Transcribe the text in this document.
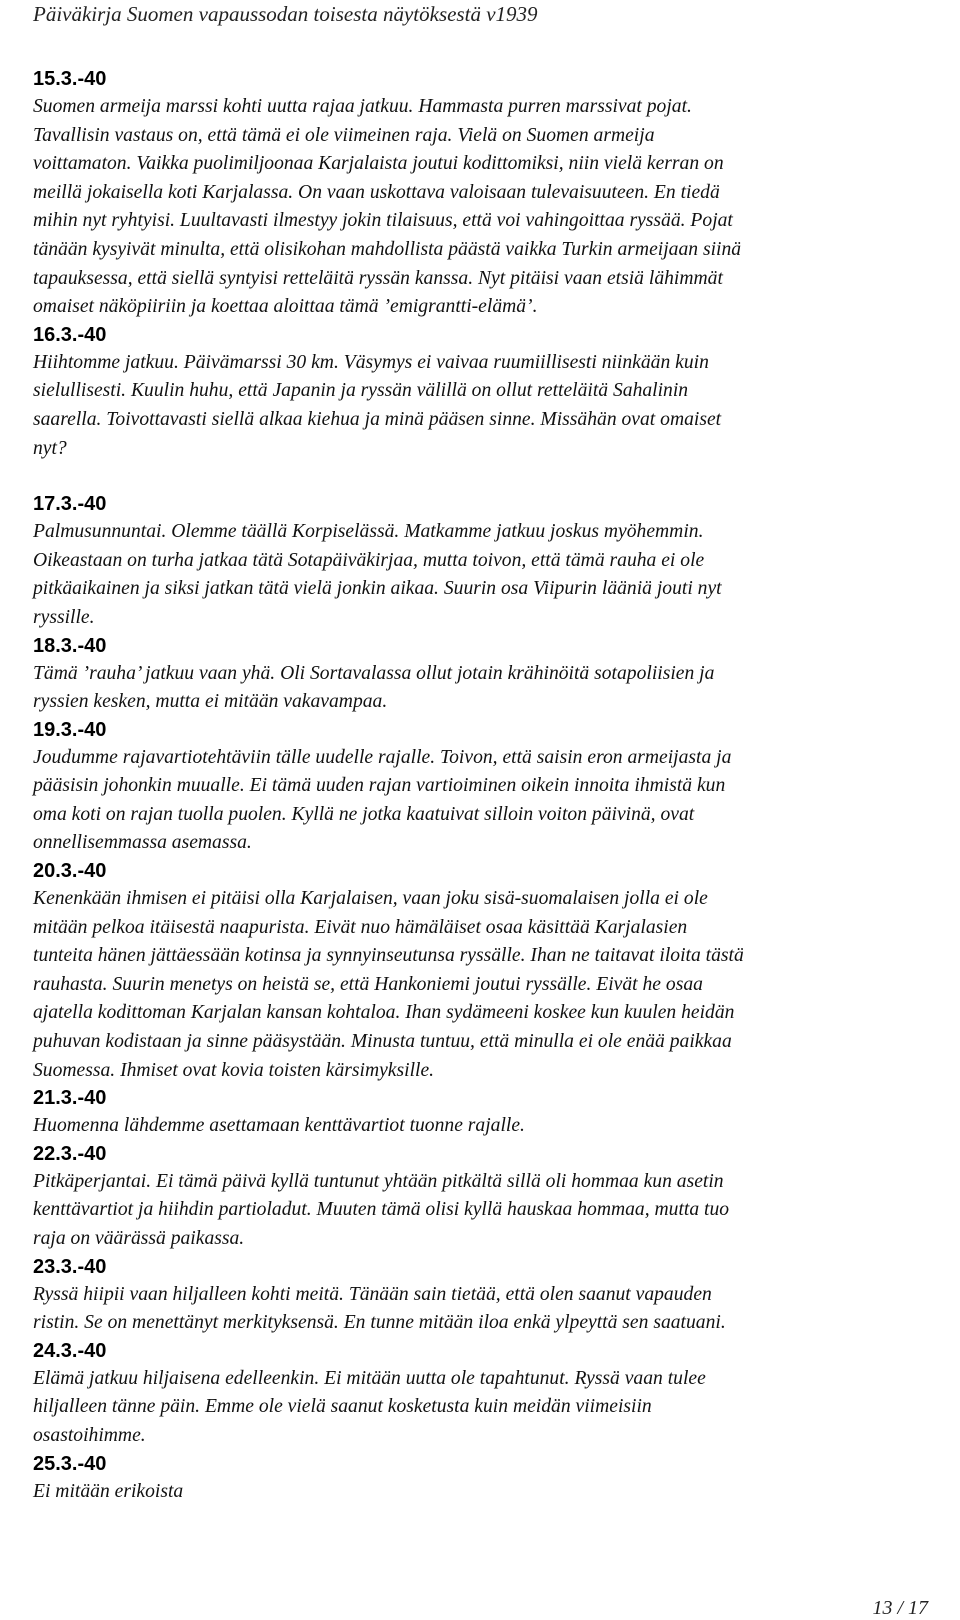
Päiväkirja Suomen vapaussodan toisesta näytöksestä v1939
15.3.-40
Suomen armeija marssi kohti uutta rajaa jatkuu. Hammasta purren marssivat pojat.
Tavallisin vastaus on, että tämä ei ole viimeinen raja. Vielä on Suomen armeija
voittamaton. Vaikka puolimiljoonaa Karjalaista joutui kodittomiksi, niin vielä kerran on
meillä jokaisella koti Karjalassa. On vaan uskottava valoisaan tulevaisuuteen. En tiedä
mihin nyt ryhtyisi. Luultavasti ilmestyy jokin tilaisuus, että voi vahingoittaa ryssää. Pojat
tänään kysyivät minulta, että olisikohan mahdollista päästä vaikka Turkin armeijaan siinä
tapauksessa, että siellä syntyisi retteläitä ryssän kanssa. Nyt pitäisi vaan etsiä lähimmät
omaiset näköpiiriin ja koettaa aloittaa tämä ’emigrantti-elämä’.
16.3.-40
Hiihtomme jatkuu. Päivämarssi 30 km. Väsymys ei vaivaa ruumiillisesti niinkään kuin
sielullisesti. Kuulin huhu, että Japanin ja ryssän välillä on ollut retteläitä Sahalinin
saarella. Toivottavasti siellä alkaa kiehua ja minä pääsen sinne. Missähän ovat omaiset
nyt?
17.3.-40
Palmusunnuntai. Olemme täällä Korpiselässä. Matkamme jatkuu joskus myöhemmin.
Oikeastaan on turha jatkaa tätä Sotapäiväkirjaa, mutta toivon, että tämä rauha ei ole
pitkäaikainen ja siksi jatkan tätä vielä jonkin aikaa. Suurin osa Viipurin lääniä jouti nyt
ryssille.
18.3.-40
Tämä ’rauha’ jatkuu vaan yhä. Oli Sortavalassa ollut jotain krähinöitä sotapoliisien ja
ryssien kesken, mutta ei mitään vakavampaa.
19.3.-40
Joudumme rajavartiotehtäviin tälle uudelle rajalle. Toivon, että saisin eron armeijasta ja
pääsisin johonkin muualle. Ei tämä uuden rajan vartioiminen oikein innoita ihmistä kun
oma koti on rajan tuolla puolen. Kyllä ne jotka kaatuivat silloin voiton päivinä, ovat
onnellisemmassa asemassa.
20.3.-40
Kenenkään ihmisen ei pitäisi olla Karjalaisen, vaan joku sisä-suomalaisen jolla ei ole
mitään pelkoa itäisestä naapurista. Eivät nuo hämäläiset osaa käsittää Karjalasien
tunteita hänen jättäessään kotinsa ja synnyinseutunsa ryssälle. Ihan ne taitavat iloita tästä
rauhasta. Suurin menetys on heistä se, että Hankoniemi joutui ryssälle. Eivät he osaa
ajatella kodittoman Karjalan kansan kohtaloa. Ihan sydämeeni koskee kun kuulen heidän
puhuvan kodistaan ja sinne pääsystään. Minusta tuntuu, että minulla ei ole enää paikkaa
Suomessa. Ihmiset ovat kovia toisten kärsimyksille.
21.3.-40
Huomenna lähdemme asettamaan kenttävartiot tuonne rajalle.
22.3.-40
Pitkäperjantai. Ei tämä päivä kyllä tuntunut yhtään pitkältä sillä oli hommaa kun asetin
kenttävartiot ja hiihdin partioladut. Muuten tämä olisi kyllä hauskaa hommaa, mutta tuo
raja on väärässä paikassa.
23.3.-40
Ryssä hiipii vaan hiljalleen kohti meitä. Tänään sain tietää, että olen saanut vapauden
ristin. Se on menettänyt merkityksensä. En tunne mitään iloa enkä ylpeyttä sen saatuani.
24.3.-40
Elämä jatkuu hiljaisena edelleenkin. Ei mitään uutta ole tapahtunut. Ryssä vaan tulee
hiljalleen tänne päin. Emme ole vielä saanut kosketusta kuin meidän viimeisiin
osastoihimme.
25.3.-40
Ei mitään erikoista
13 / 17
